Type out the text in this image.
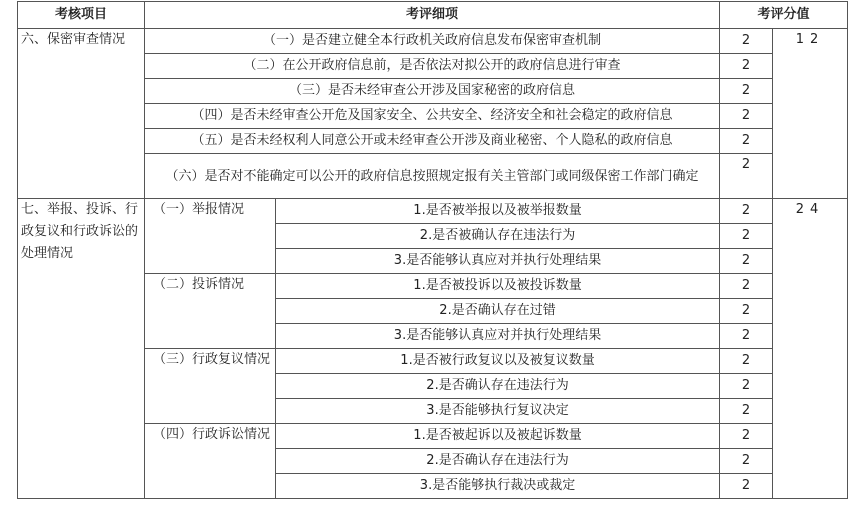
考核项目	考评细项		考评分值	
六、保密审查情况	（一）是否建立健全本行政机关政府信息发布保密审查机制		2	12
	（二）在公开政府信息前，是否依法对拟公开的政府信息进行审查		2	
	（三）是否未经审查公开涉及国家秘密的政府信息		2	
	（四）是否未经审查公开危及国家安全、公共安全、经济安全和社会稳定的政府信息		2	
	（五）是否未经权利人同意公开或未经审查公开涉及商业秘密、个人隐私的政府信息		2	
	（六）是否对不能确定可以公开的政府信息按照规定报有关主管部门或同级保密工作部门确定		2	
七、举报、投诉、行政复议和行政诉讼的处理情况	（一）举报情况	1.是否被举报以及被举报数量	2	24
		2.是否被确认存在违法行为	2	
		3.是否能够认真应对并执行处理结果	2	
	（二）投诉情况	1.是否被投诉以及被投诉数量	2	
		2.是否确认存在过错	2	
		3.是否能够认真应对并执行处理结果	2	
	（三）行政复议情况	1.是否被行政复议以及被复议数量	2	
		2.是否确认存在违法行为	2	
		3.是否能够执行复议决定	2	
	（四）行政诉讼情况	1.是否被起诉以及被起诉数量	2	
		2.是否确认存在违法行为	2	
		3.是否能够执行裁决或裁定	2	
